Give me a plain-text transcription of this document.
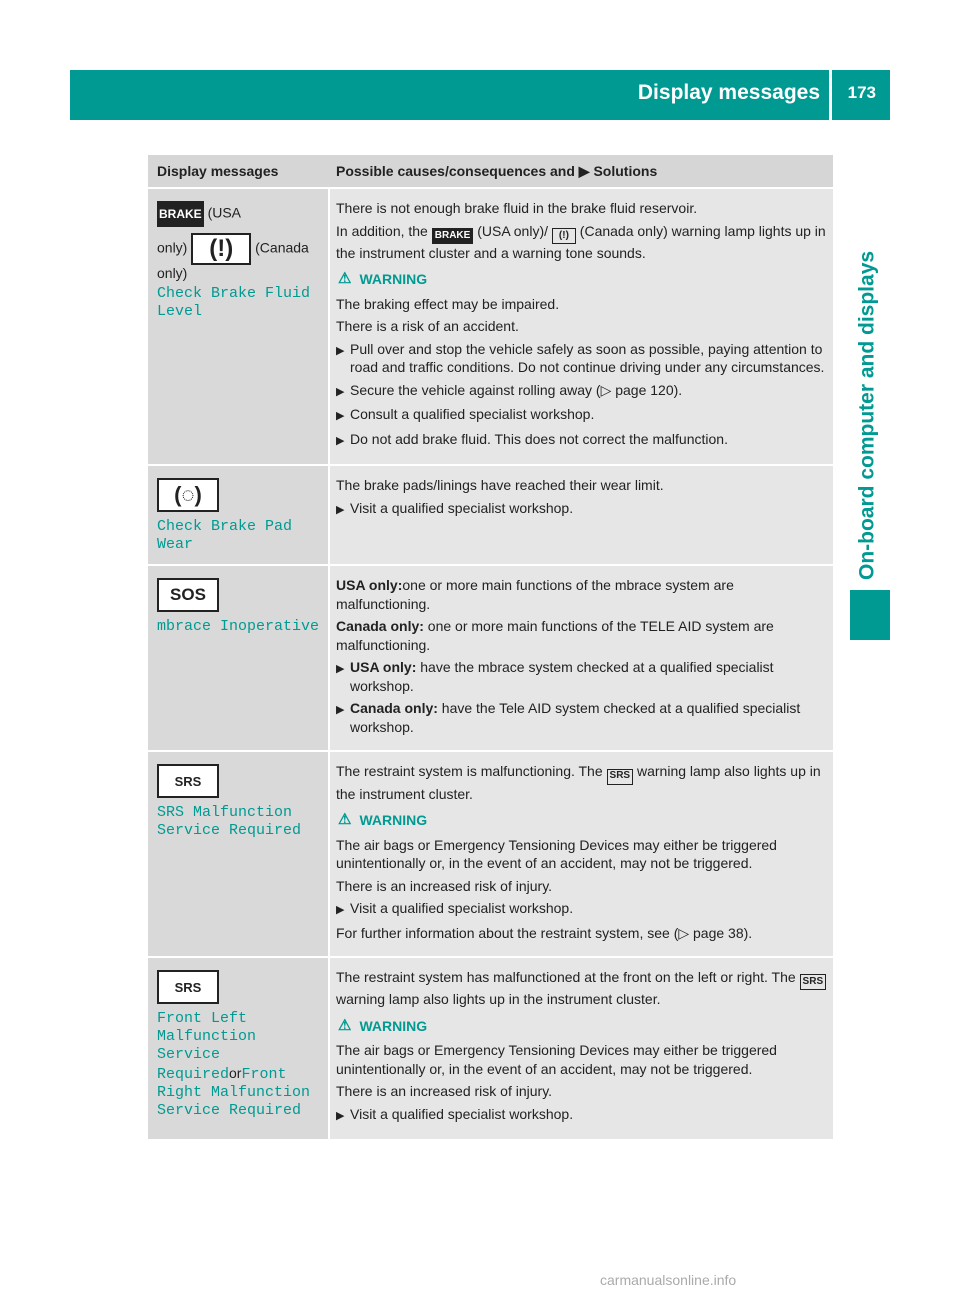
Display messages 173
On-board computer and displays
Display messages	Possible causes/consequences and ▶ Solutions
BRAKE (USA
only) (!) (Canada
only)
Check Brake Fluid Level

There is not enough brake fluid in the brake fluid reservoir.

In addition, the BRAKE (USA only)/ (!) (Canada only) warning lamp lights up in the instrument cluster and a warning tone sounds.

⚠ WARNING

The braking effect may be impaired.

There is a risk of an accident.

▶ Pull over and stop the vehicle safely as soon as possible, paying attention to road and traffic conditions. Do not continue driving under any circumstances.

▶ Secure the vehicle against rolling away (▷ page 120).

▶ Consult a qualified specialist workshop.

▶ Do not add brake fluid. This does not correct the malfunction.

(◌)
Check Brake Pad Wear

The brake pads/linings have reached their wear limit.

▶ Visit a qualified specialist workshop.

SOS
mbrace Inoperative

USA only:one or more main functions of the mbrace system are malfunctioning.

Canada only: one or more main functions of the TELE AID system are malfunctioning.

▶ USA only: have the mbrace system checked at a qualified specialist workshop.

▶ Canada only: have the Tele AID system checked at a qualified specialist workshop.

SRS
SRS Malfunction Service Required

The restraint system is malfunctioning. The SRS warning lamp also lights up in the instrument cluster.

⚠ WARNING

The air bags or Emergency Tensioning Devices may either be triggered unintentionally or, in the event of an accident, may not be triggered.

There is an increased risk of injury.

▶ Visit a qualified specialist workshop.

For further information about the restraint system, see (▷ page 38).

SRS
Front Left Malfunction Service RequiredorFront Right Malfunction Service Required

The restraint system has malfunctioned at the front on the left or right. The SRS warning lamp also lights up in the instrument cluster.

⚠ WARNING

The air bags or Emergency Tensioning Devices may either be triggered unintentionally or, in the event of an accident, may not be triggered.

There is an increased risk of injury.

▶ Visit a qualified specialist workshop.

carmanualsonline.info
